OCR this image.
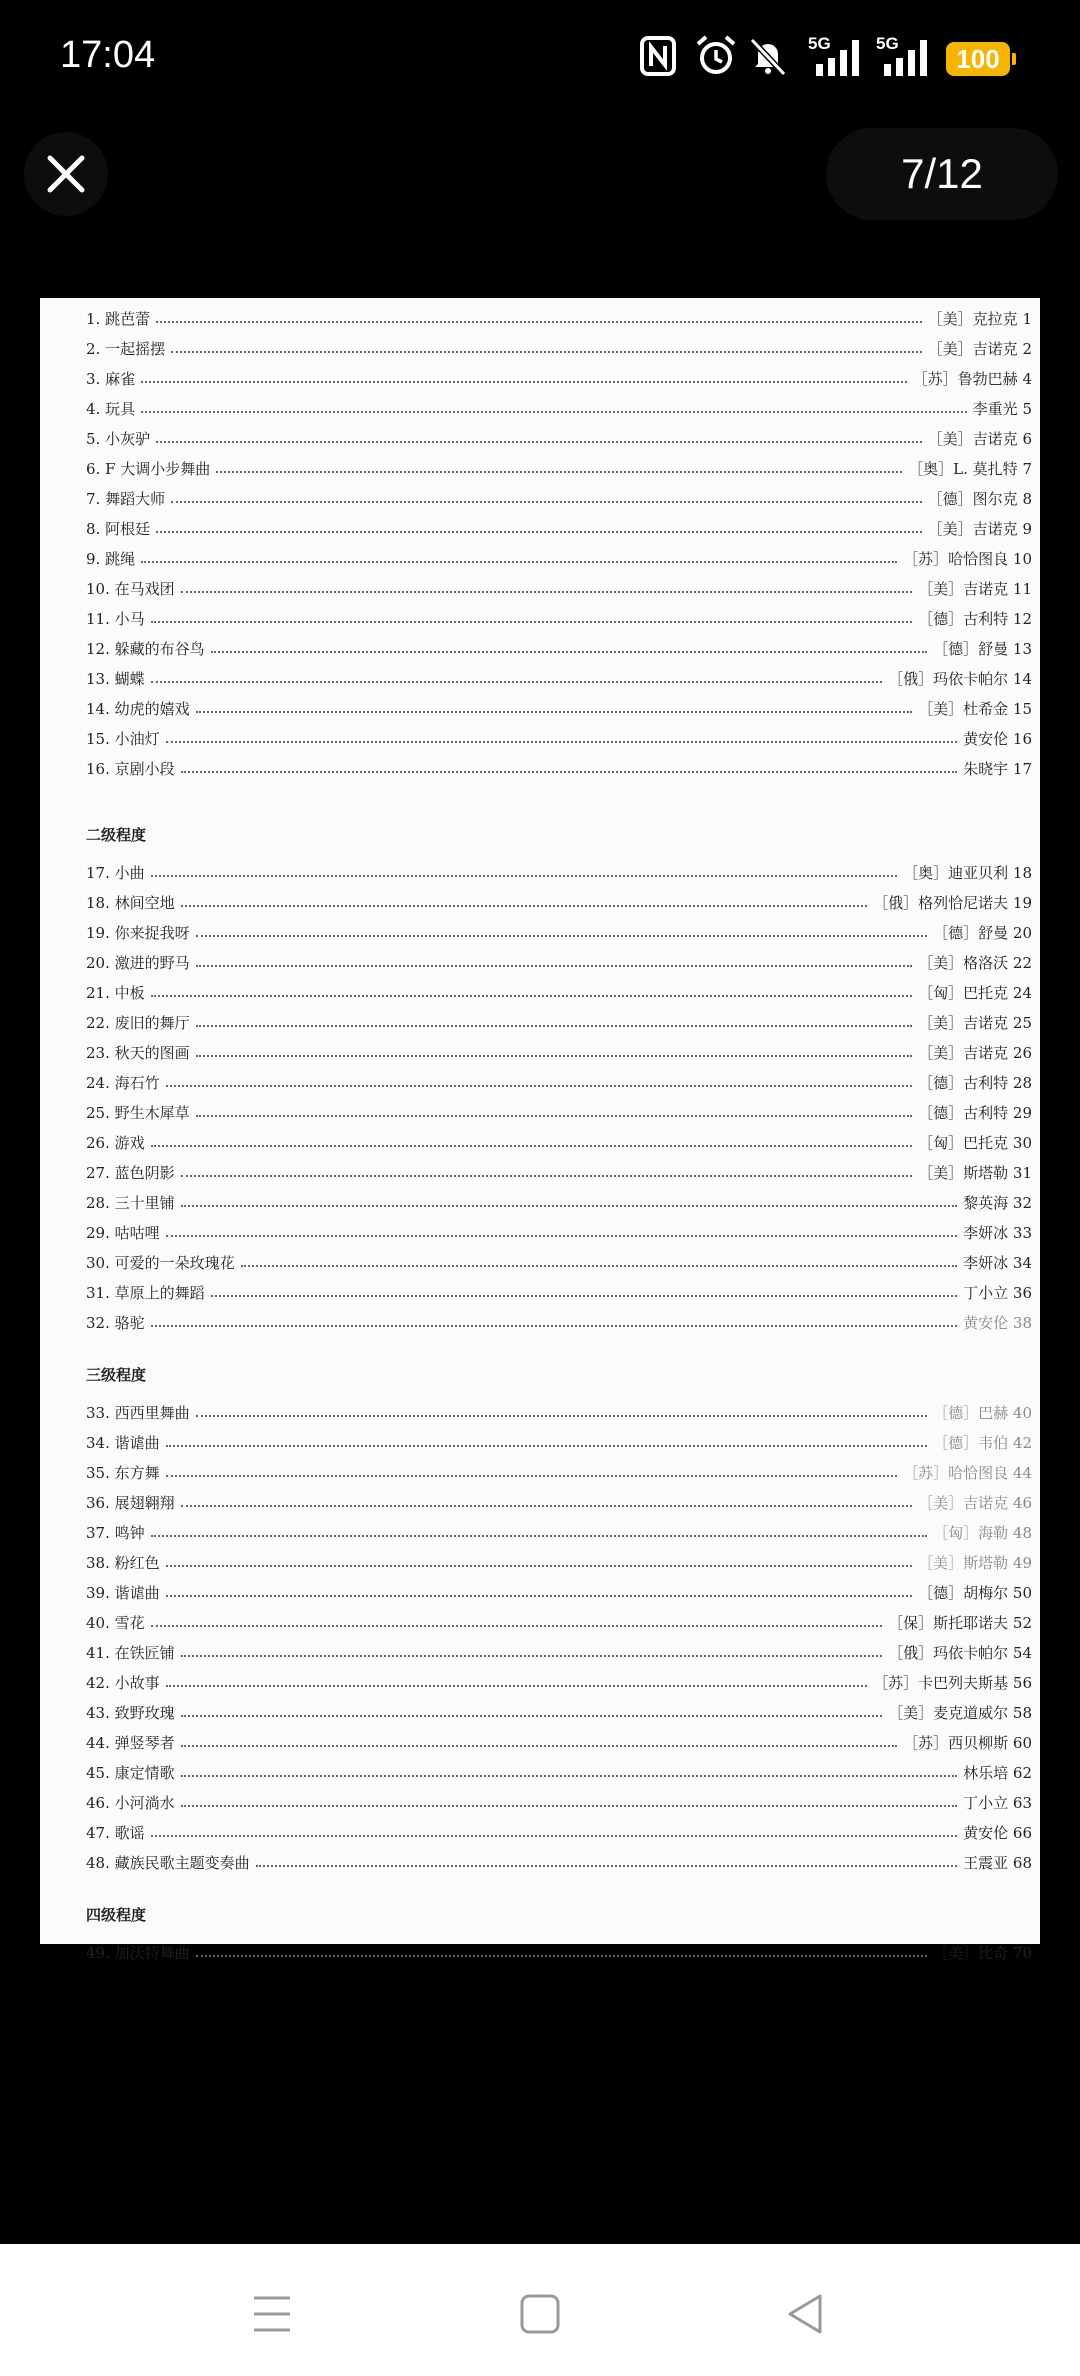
17:04	5G	5G
100
7/12
1. 跳芭蕾	［美］克拉克 1
2. 一起摇摆	［美］吉诺克 2
3. 麻雀	［苏］鲁勃巴赫 4
4. 玩具	李重光 5
5. 小灰驴	［美］吉诺克 6
6. F 大调小步舞曲	［奥］L. 莫扎特 7
7. 舞蹈大师	［德］图尔克 8
8. 阿根廷	［美］吉诺克 9
9. 跳绳	［苏］哈恰图良 10
10. 在马戏团	［美］吉诺克 11
11. 小马	［德］古利特 12
12. 躲藏的布谷鸟	［德］舒曼 13
13. 蝴蝶	［俄］玛依卡帕尔 14
14. 幼虎的嬉戏	［美］杜希金 15
15. 小油灯	黄安伦 16
16. 京剧小段	朱晓宇 17
二级程度
17. 小曲	［奥］迪亚贝利 18
18. 林间空地	［俄］格列恰尼诺夫 19
19. 你来捉我呀	［德］舒曼 20
20. 激进的野马	［美］格洛沃 22
21. 中板	［匈］巴托克 24
22. 废旧的舞厅	［美］吉诺克 25
23. 秋天的图画	［美］吉诺克 26
24. 海石竹	［德］古利特 28
25. 野生木犀草	［德］古利特 29
26. 游戏	［匈］巴托克 30
27. 蓝色阴影	［美］斯塔勒 31
28. 三十里铺	黎英海 32
29. 咕咕哩	李妍冰 33
30. 可爱的一朵玫瑰花	李妍冰 34
31. 草原上的舞蹈	丁小立 36
32. 骆驼	黄安伦 38
三级程度
33. 西西里舞曲	［德］巴赫 40
34. 谐谑曲	［德］韦伯 42
35. 东方舞	［苏］哈恰图良 44
36. 展翅翱翔	［美］吉诺克 46
37. 鸣钟	［匈］海勒 48
38. 粉红色	［美］斯塔勒 49
39. 谐谑曲	［德］胡梅尔 50
40. 雪花	［保］斯托耶诺夫 52
41. 在铁匠铺	［俄］玛依卡帕尔 54
42. 小故事	［苏］卡巴列夫斯基 56
43. 致野玫瑰	［美］麦克道威尔 58
44. 弹竖琴者	［苏］西贝柳斯 60
45. 康定情歌	林乐培 62
46. 小河淌水	丁小立 63
47. 歌谣	黄安伦 66
48. 藏族民歌主题变奏曲	王震亚 68
四级程度
49. 加沃特舞曲	［美］比奇 70
